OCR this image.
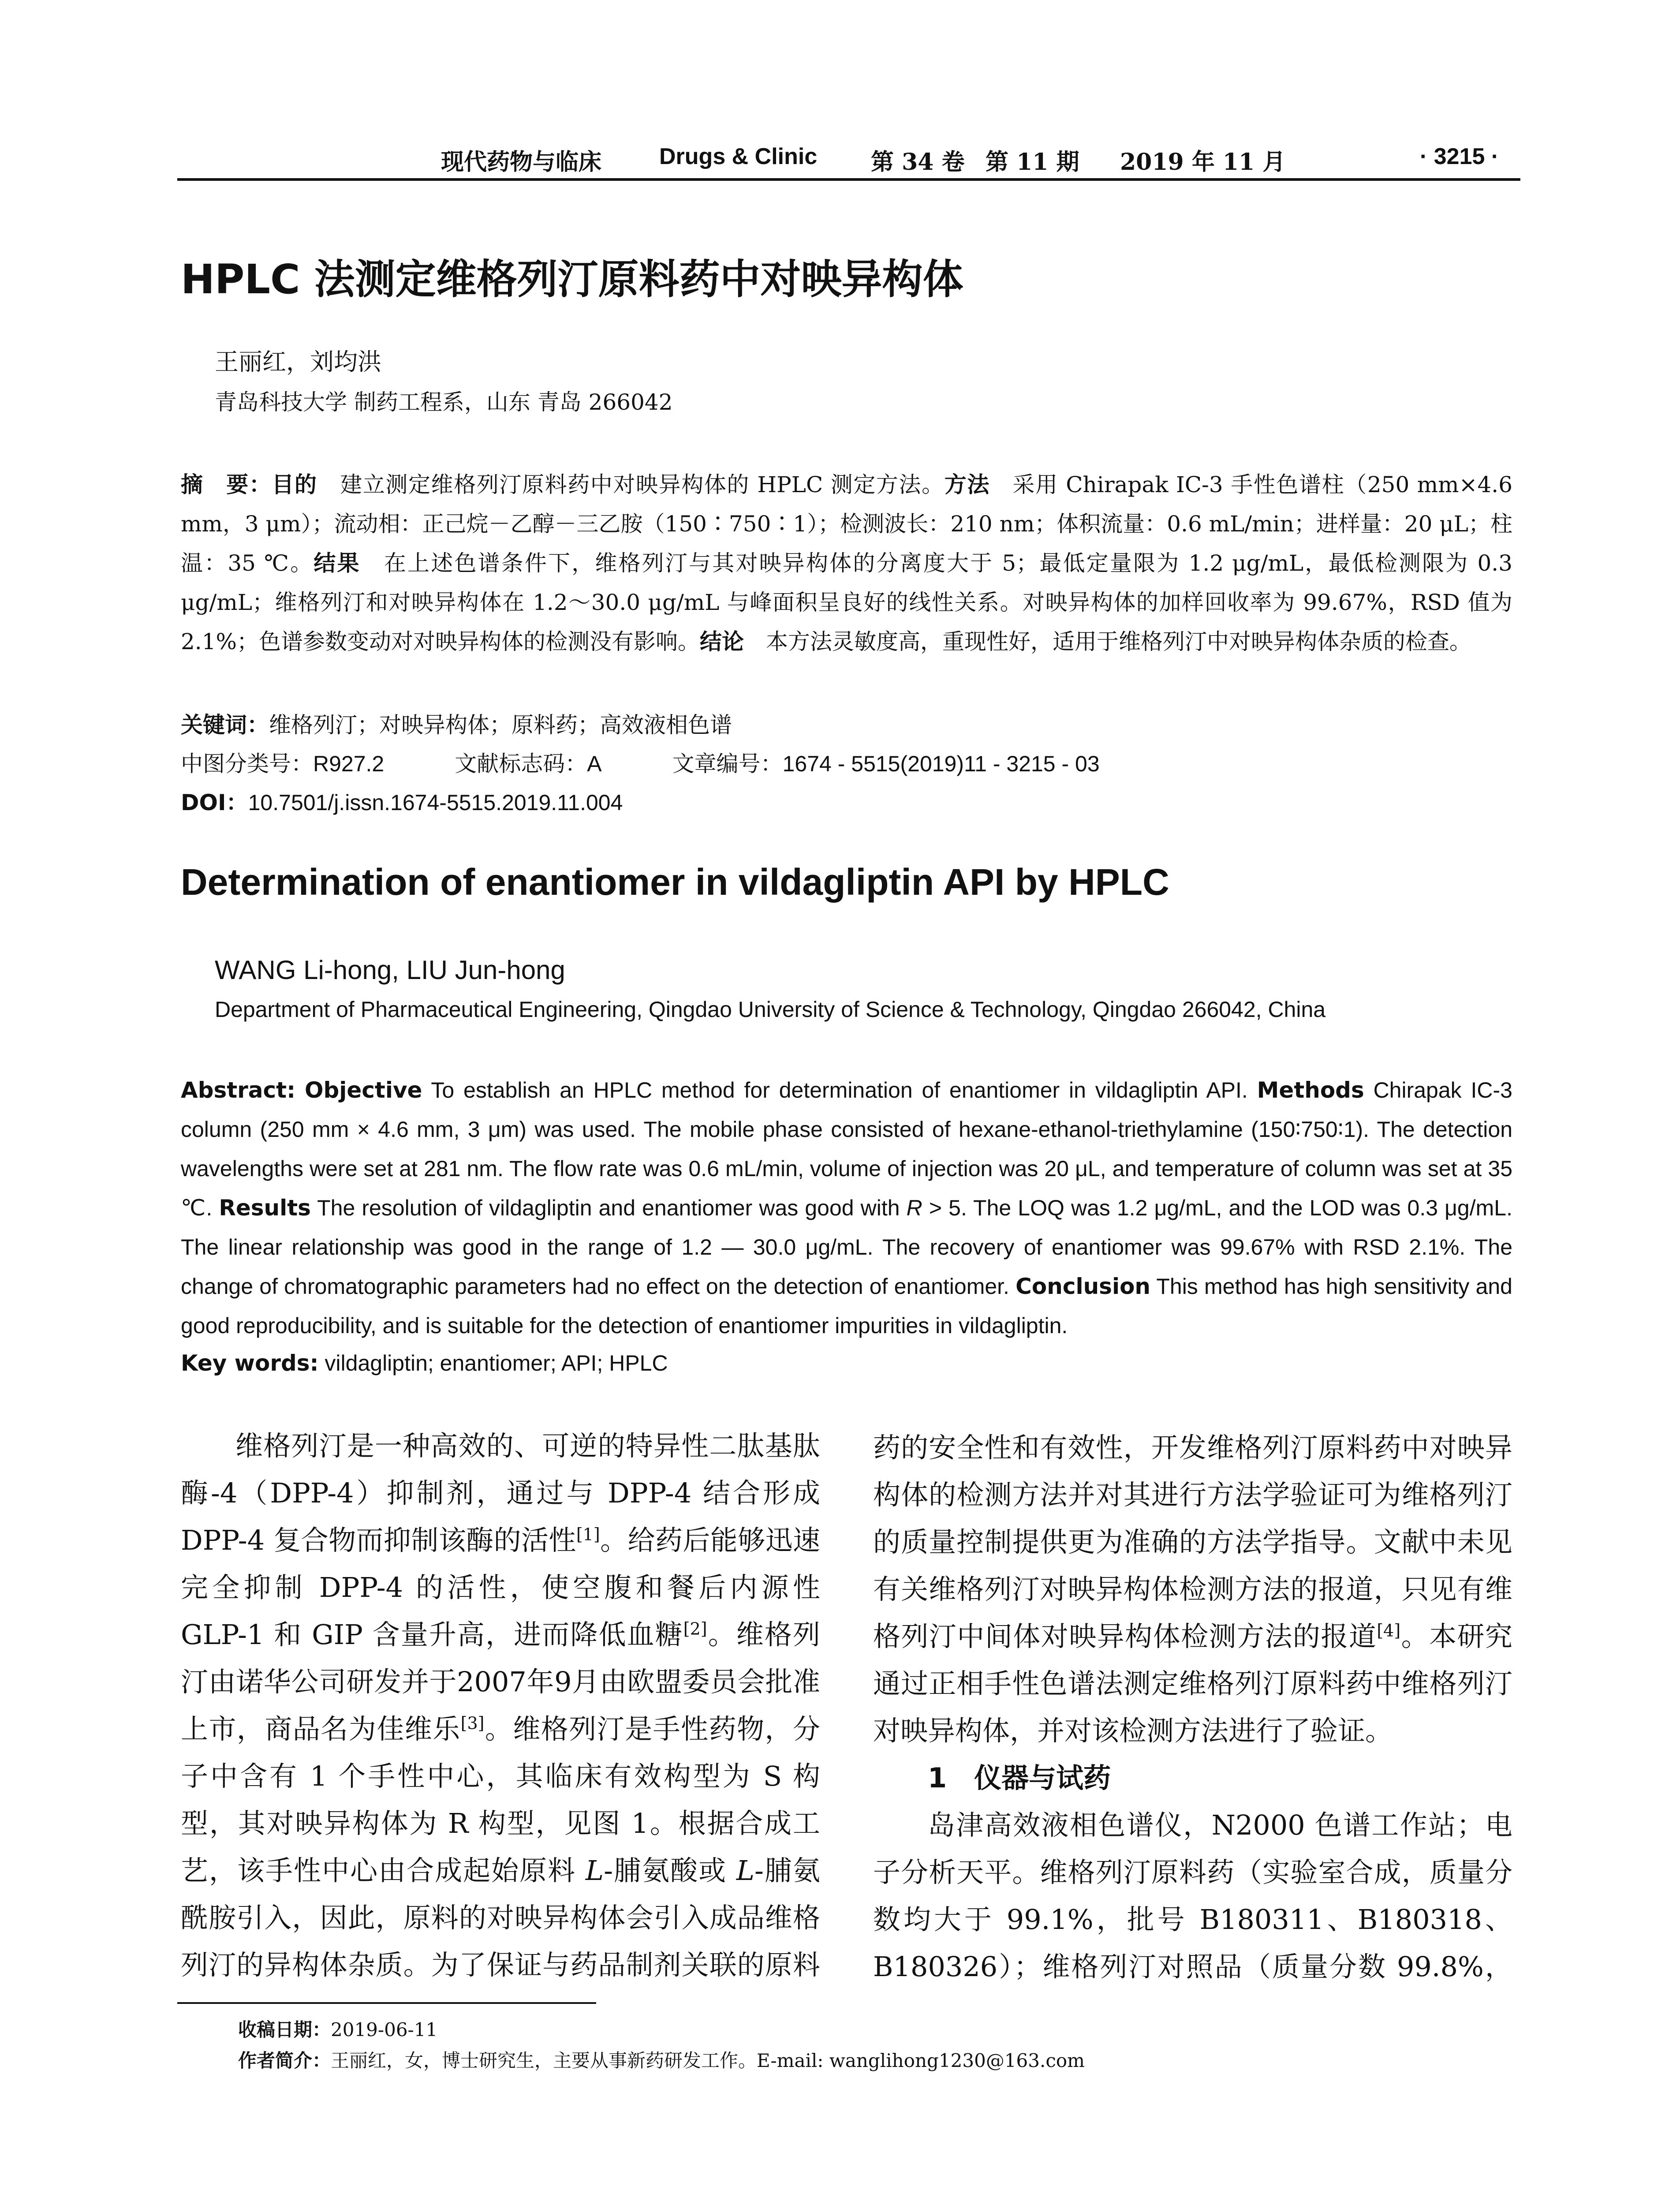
现代药物与临床	Drugs & Clinic 第 34 卷 第 11 期 2019 年 11 月	· 3215 ·
HPLC 法测定维格列汀原料药中对映异构体
王丽红，刘均洪
青岛科技大学 制药工程系，山东 青岛 266042
摘　要：目的　建立测定维格列汀原料药中对映异构体的 HPLC 测定方法。方法　采用 Chirapak IC-3 手性色谱柱（250 mm×4.6 mm，3 μm）；流动相：正己烷－乙醇－三乙胺（150∶750∶1）；检测波长：210 nm；体积流量：0.6 mL/min；进样量：20 μL；柱温：35 ℃。结果　在上述色谱条件下，维格列汀与其对映异构体的分离度大于 5；最低定量限为 1.2 μg/mL，最低检测限为 0.3 μg/mL；维格列汀和对映异构体在 1.2～30.0 μg/mL 与峰面积呈良好的线性关系。对映异构体的加样回收率为 99.67%，RSD 值为 2.1%；色谱参数变动对对映异构体的检测没有影响。结论　本方法灵敏度高，重现性好，适用于维格列汀中对映异构体杂质的检查。
关键词：维格列汀；对映异构体；原料药；高效液相色谱
中图分类号：R927.2	文献标志码：A	文章编号：1674 - 5515(2019)11 - 3215 - 03
DOI：10.7501/j.issn.1674-5515.2019.11.004
Determination of enantiomer in vildagliptin API by HPLC
WANG Li-hong, LIU Jun-hong
Department of Pharmaceutical Engineering, Qingdao University of Science & Technology, Qingdao 266042, China
Abstract: Objective To establish an HPLC method for determination of enantiomer in vildagliptin API. Methods Chirapak IC-3 column (250 mm × 4.6 mm, 3 μm) was used. The mobile phase consisted of hexane-ethanol-triethylamine (150∶750∶1). The detection wavelengths were set at 281 nm. The flow rate was 0.6 mL/min, volume of injection was 20 μL, and temperature of column was set at 35 ℃. Results The resolution of vildagliptin and enantiomer was good with R > 5. The LOQ was 1.2 μg/mL, and the LOD was 0.3 μg/mL. The linear relationship was good in the range of 1.2 — 30.0 μg/mL. The recovery of enantiomer was 99.67% with RSD 2.1%. The change of chromatographic parameters had no effect on the detection of enantiomer. Conclusion This method has high sensitivity and good reproducibility, and is suitable for the detection of enantiomer impurities in vildagliptin.
Key words: vildagliptin; enantiomer; API; HPLC

维格列汀是一种高效的、可逆的特异性二肽基肽酶-4（DPP-4）抑制剂，通过与 DPP-4 结合形成 DPP-4 复合物而抑制该酶的活性[1]。给药后能够迅速完全抑制 DPP-4 的活性，使空腹和餐后内源性 GLP-1 和 GIP 含量升高，进而降低血糖[2]。维格列汀由诺华公司研发并于2007年9月由欧盟委员会批准上市，商品名为佳维乐[3]。维格列汀是手性药物，分子中含有 1 个手性中心，其临床有效构型为 S 构型，其对映异构体为 R 构型，见图 1。根据合成工艺，该手性中心由合成起始原料 L-脯氨酸或 L-脯氨酰胺引入，因此，原料的对映异构体会引入成品维格列汀的异构体杂质。为了保证与药品制剂关联的原料

药的安全性和有效性，开发维格列汀原料药中对映异构体的检测方法并对其进行方法学验证可为维格列汀的质量控制提供更为准确的方法学指导。文献中未见有关维格列汀对映异构体检测方法的报道，只见有维格列汀中间体对映异构体检测方法的报道[4]。本研究通过正相手性色谱法测定维格列汀原料药中维格列汀对映异构体，并对该检测方法进行了验证。

1　仪器与试药

岛津高效液相色谱仪，N2000 色谱工作站；电子分析天平。维格列汀原料药（实验室合成，质量分数均大于 99.1%，批号 B180311、B180318、B180326）；维格列汀对照品（质量分数 99.8%，

收稿日期：2019-06-11
作者简介：王丽红，女，博士研究生，主要从事新药研发工作。E-mail: wanglihong1230@163.com
